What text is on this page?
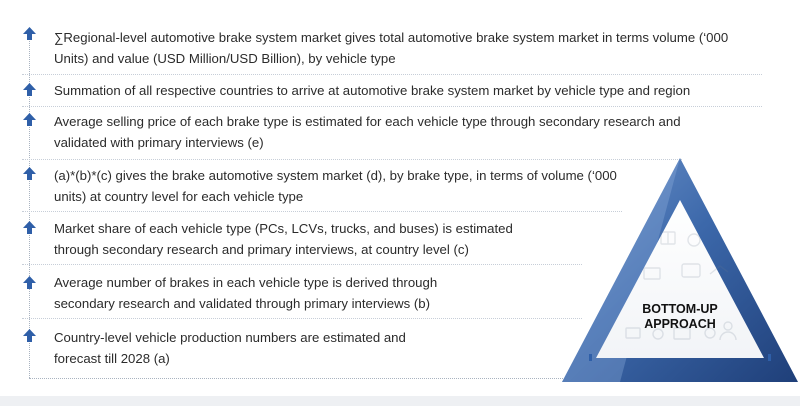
∑Regional-level automotive brake system market gives total automotive brake system market in terms volume (‘000 Units) and value (USD Million/USD Billion), by vehicle type
Summation of all respective countries to arrive at automotive brake system market by vehicle type and region
Average selling price of each brake type is estimated for each vehicle type through secondary research and validated with primary interviews (e)
(a)*(b)*(c) gives the brake automotive system market (d), by brake type, in terms of volume (‘000 units) at country level for each vehicle type
Market share of each vehicle type (PCs, LCVs, trucks, and buses) is estimated through secondary research and primary interviews, at country level (c)
Average number of brakes in each vehicle type is derived through secondary research and validated through primary interviews (b)
Country-level vehicle production numbers are estimated and forecast till 2028 (a)
BOTTOM-UP
APPROACH
